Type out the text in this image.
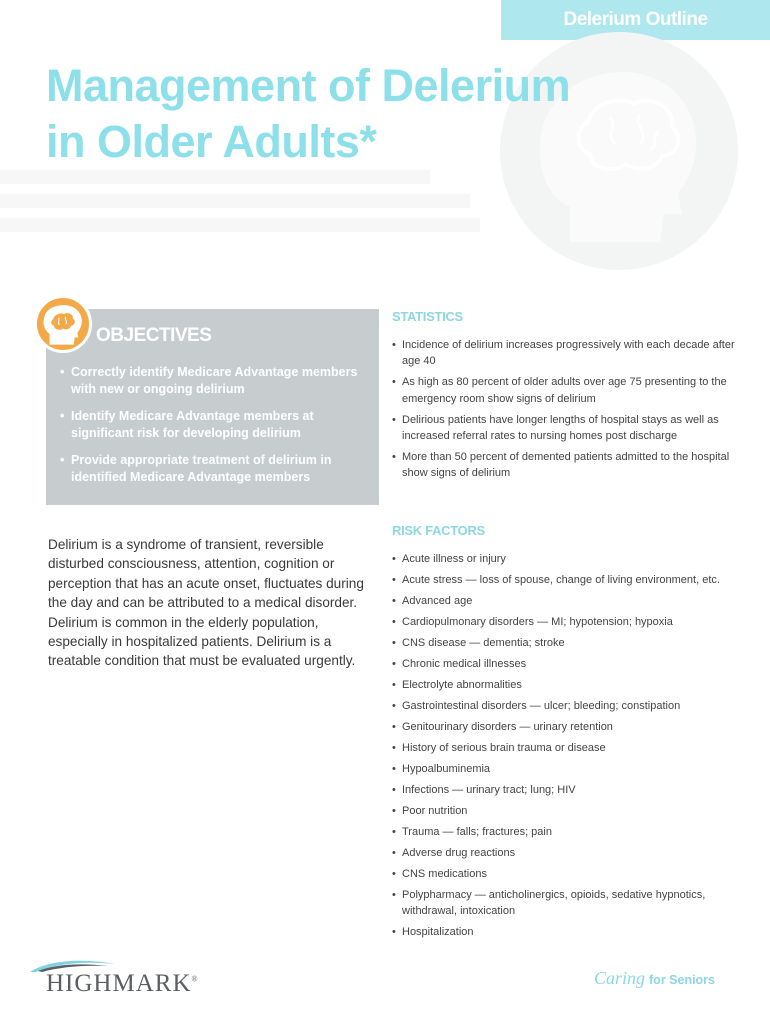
Delerium Outline
Management of Delerium
in Older Adults*
OBJECTIVES
• Correctly identify Medicare Advantage members with new or ongoing delirium
• Identify Medicare Advantage members at significant risk for developing delirium
• Provide appropriate treatment of delirium in identified Medicare Advantage members

Delirium is a syndrome of transient, reversible disturbed consciousness, attention, cognition or perception that has an acute onset, fluctuates during the day and can be attributed to a medical disorder. Delirium is common in the elderly population, especially in hospitalized patients. Delirium is a treatable condition that must be evaluated urgently.

STATISTICS
• Incidence of delirium increases progressively with each decade after age 40
• As high as 80 percent of older adults over age 75 presenting to the emergency room show signs of delirium
• Delirious patients have longer lengths of hospital stays as well as increased referral rates to nursing homes post discharge
• More than 50 percent of demented patients admitted to the hospital show signs of delirium
RISK FACTORS
• Acute illness or injury
• Acute stress — loss of spouse, change of living environment, etc.
• Advanced age
• Cardiopulmonary disorders — MI; hypotension; hypoxia
• CNS disease — dementia; stroke
• Chronic medical illnesses
• Electrolyte abnormalities
• Gastrointestinal disorders — ulcer; bleeding; constipation
• Genitourinary disorders — urinary retention
• History of serious brain trauma or disease
• Hypoalbuminemia
• Infections — urinary tract; lung; HIV
• Poor nutrition
• Trauma — falls; fractures; pain
• Adverse drug reactions
• CNS medications
• Polypharmacy — anticholinergics, opioids, sedative hypnotics, withdrawal, intoxication
• Hospitalization
HIGHMARK®	Caring for Seniors
